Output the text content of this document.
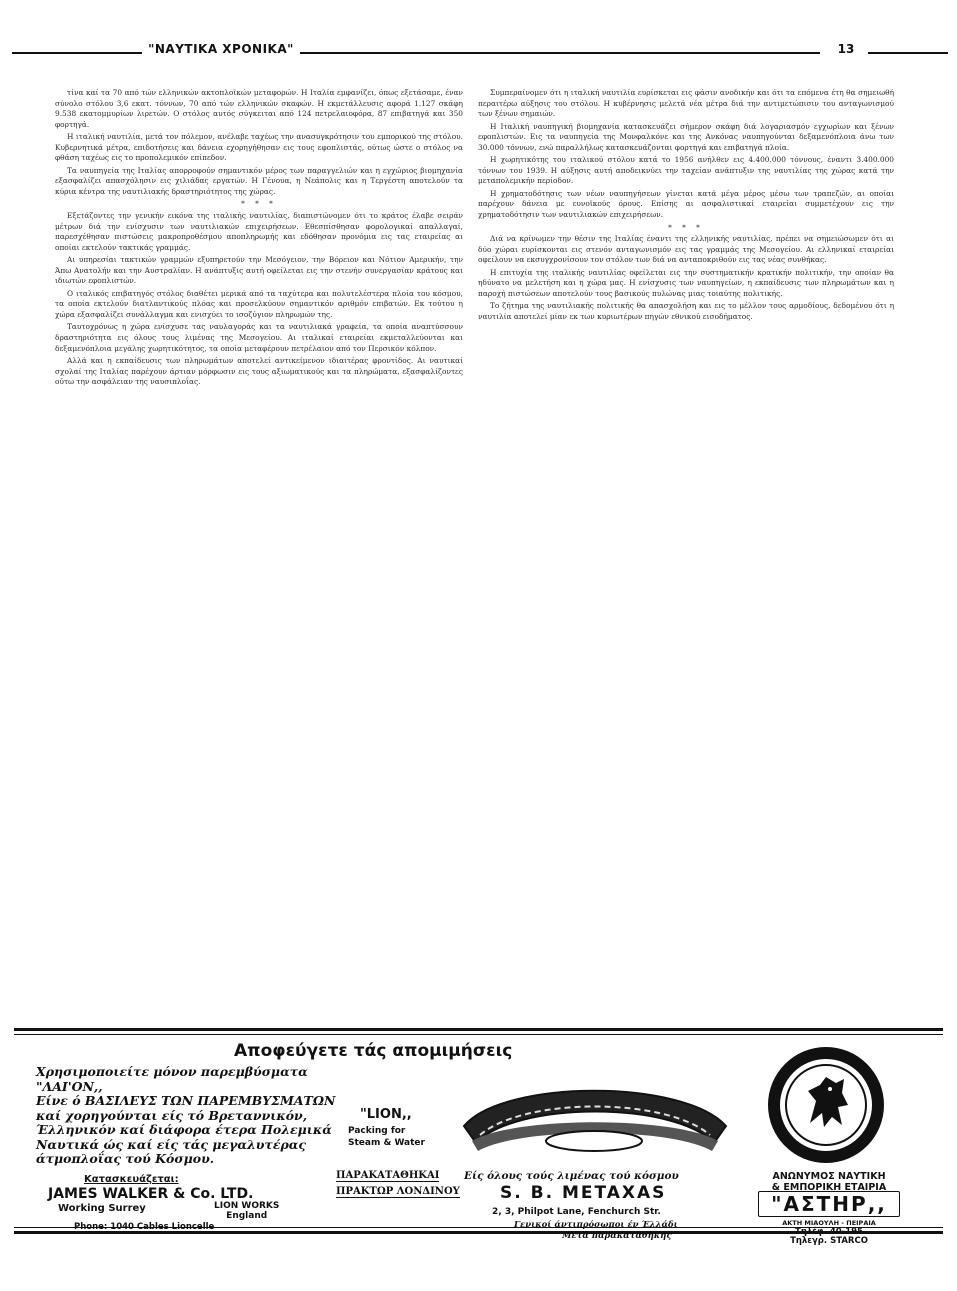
"ΝΑΥΤΙΚΑ ΧΡΟΝΙΚΑ"	13

τίνα καί τα 70 από τών ελληνικών ακτοπλοϊκών μεταφορών. Η Ιταλία εμφανίζει, όπως εξετάσαμε, έναν σύνολο στόλου 3,6 εκατ. τόννων, 70 από τών ελληνικών σκαφών. Η εκμετάλλευσις αφορά 1.127 σκάφη 9.538 εκατομμυρίων λιρετών. Ο στόλος αυτός σύγκειται από 124 πετρελαιοφόρα, 87 επιβατηγά και 350 φορτηγά.

Η ιταλική ναυτιλία, μετά τον πόλεμον, ανέλαβε ταχέως την ανασυγκρότησιν του εμπορικού της στόλου. Κυβερνητικά μέτρα, επιδοτήσεις και δάνεια εχορηγήθησαν εις τους εφοπλιστάς, ούτως ώστε ο στόλος να φθάση ταχέως εις το προπολεμικόν επίπεδον.

Τα ναυπηγεία της Ιταλίας απορροφούν σημαντικόν μέρος των παραγγελιών και η εγχώριος βιομηχανία εξασφαλίζει απασχόλησιν εις χιλιάδας εργατών. Η Γένουα, η Νεάπολις και η Τεργέστη αποτελούν τα κύρια κέντρα της ναυτιλιακής δραστηριότητος της χώρας.

* * *

Εξετάζοντες την γενικήν εικόνα της ιταλικής ναυτιλίας, διαπιστώνομεν ότι το κράτος έλαβε σειράν μέτρων διά την ενίσχυσιν των ναυτιλιακών επιχειρήσεων. Εθεσπίσθησαν φορολογικαί απαλλαγαί, παρεσχέθησαν πιστώσεις μακροπροθέσμου αποπληρωμής και εδόθησαν προνόμια εις τας εταιρείας αι οποίαι εκτελούν τακτικάς γραμμάς.

Αι υπηρεσίαι τακτικών γραμμών εξυπηρετούν την Μεσόγειον, την Βόρειον και Νότιον Αμερικήν, την Άπω Ανατολήν και την Αυστραλίαν. Η ανάπτυξις αυτή οφείλεται εις την στενήν συνεργασίαν κράτους και ιδιωτών εφοπλιστών.

Ο ιταλικός επιβατηγός στόλος διαθέτει μερικά από τα ταχύτερα και πολυτελέστερα πλοία του κόσμου, τα οποία εκτελούν διατλαντικούς πλόας και προσελκύουν σημαντικόν αριθμόν επιβατών. Εκ τούτου η χώρα εξασφαλίζει συνάλλαγμα και ενισχύει το ισοζύγιον πληρωμών της.

Ταυτοχρόνως η χώρα ενίσχυσε τας ναυλαγοράς και τα ναυτιλιακά γραφεία, τα οποία αναπτύσσουν δραστηριότητα εις όλους τους λιμένας της Μεσογείου. Αι ιταλικαί εταιρείαι εκμεταλλεύονται και δεξαμενόπλοια μεγάλης χωρητικότητος, τα οποία μεταφέρουν πετρέλαιον από τον Περσικόν κόλπον.

Αλλά και η εκπαίδευσις των πληρωμάτων αποτελεί αντικείμενον ιδιαιτέρας φροντίδος. Αι ναυτικαί σχολαί της Ιταλίας παρέχουν άρτιαν μόρφωσιν εις τους αξιωματικούς και τα πληρώματα, εξασφαλίζοντες ούτω την ασφάλειαν της ναυσιπλοΐας.

Συμπεραίνομεν ότι η ιταλική ναυτιλία ευρίσκεται εις φάσιν ανοδικήν και ότι τα επόμενα έτη θα σημειωθή περαιτέρω αύξησις του στόλου. Η κυβέρνησις μελετά νέα μέτρα διά την αντιμετώπισιν του ανταγωνισμού των ξένων σημαιών.

Η Ιταλική ναυπηγική βιομηχανία κατασκευάζει σήμερον σκάφη διά λογαριασμόν εγχωρίων και ξένων εφοπλιστών. Εις τα ναυπηγεία της Μονφαλκόνε και της Ανκόνας ναυπηγούνται δεξαμενόπλοια άνω των 30.000 τόννων, ενώ παραλλήλως κατασκευάζονται φορτηγά και επιβατηγά πλοία.

Η χωρητικότης του ιταλικού στόλου κατά το 1956 ανήλθεν εις 4.400.000 τόννους, έναντι 3.400.000 τόννων του 1939. Η αύξησις αυτή αποδεικνύει την ταχείαν ανάπτυξιν της ναυτιλίας της χώρας κατά την μεταπολεμικήν περίοδον.

Η χρηματοδότησις των νέων ναυπηγήσεων γίνεται κατά μέγα μέρος μέσω των τραπεζών, αι οποίαι παρέχουν δάνεια με ευνοϊκούς όρους. Επίσης αι ασφαλιστικαί εταιρείαι συμμετέχουν εις την χρηματοδότησιν των ναυτιλιακών επιχειρήσεων.

* * *

Διά να κρίνωμεν την θέσιν της Ιταλίας έναντι της ελληνικής ναυτιλίας, πρέπει να σημειώσωμεν ότι αι δύο χώραι ευρίσκονται εις στενόν ανταγωνισμόν εις τας γραμμάς της Μεσογείου. Αι ελληνικαί εταιρείαι οφείλουν να εκσυγχρονίσουν τον στόλον των διά να ανταποκριθούν εις τας νέας συνθήκας.

Η επιτυχία της ιταλικής ναυτιλίας οφείλεται εις την συστηματικήν κρατικήν πολιτικήν, την οποίαν θα ηδύνατο να μελετήση και η χώρα μας. Η ενίσχυσις των ναυπηγείων, η εκπαίδευσις των πληρωμάτων και η παροχή πιστώσεων αποτελούν τους βασικούς πυλώνας μιας τοιαύτης πολιτικής.

Το ζήτημα της ναυτιλιακής πολιτικής θα απασχολήση και εις το μέλλον τους αρμοδίους, δεδομένου ότι η ναυτιλία αποτελεί μίαν εκ των κυριωτέρων πηγών εθνικού εισοδήματος.

Αποφεύγετε τάς απομιμήσεις
Χρησιμοποιείτε μόνον παρεμβύσματα "ΛΑΙ'ΟΝ,,
Είνε ό ΒΑΣΙΛΕΥΣ ΤΩΝ ΠΑΡΕΜΒΥΣΜΑΤΩΝ καί χορηγούνται είς τό Βρεταννικόν, Έλληνικόν καί διάφορα έτερα Πολεμικά Ναυτικά ώς καί είς τάς μεγαλυτέρας άτμοπλοΐας τού Κόσμου.
Κατασκευάζεται:
JAMES WALKER & Co. LTD.
Working Surrey	LION WORKS
England
Phone: 1040 Cables Lioncelle
"LION,,
Packing for
Steam & Water
ΠΑΡΑΚΑΤΑΘΗΚΑΙ Είς όλους τούς λιμένας τού κόσμου
ΠΡΑΚΤΩΡ ΛΟΝΔΙΝΟΥ S. B. METAXAS
2, 3, Philpot Lane, Fenchurch Str.
Γενικοί άντιπρόσωποι έν Έλλάδι
Μετά παρακαταθήκης
ΑΝΩΝΥΜΟΣ ΝΑΥΤΙΚΗ
& ΕΜΠΟΡΙΚΗ ΕΤΑΙΡΙΑ
"ΑΣΤΗΡ,,
ΑΚΤΗ ΜΙΑΟΥΛΗ - ΠΕΙΡΑΙΑ
Τηλέφ. 40-195
Τηλεγρ. STARCO
